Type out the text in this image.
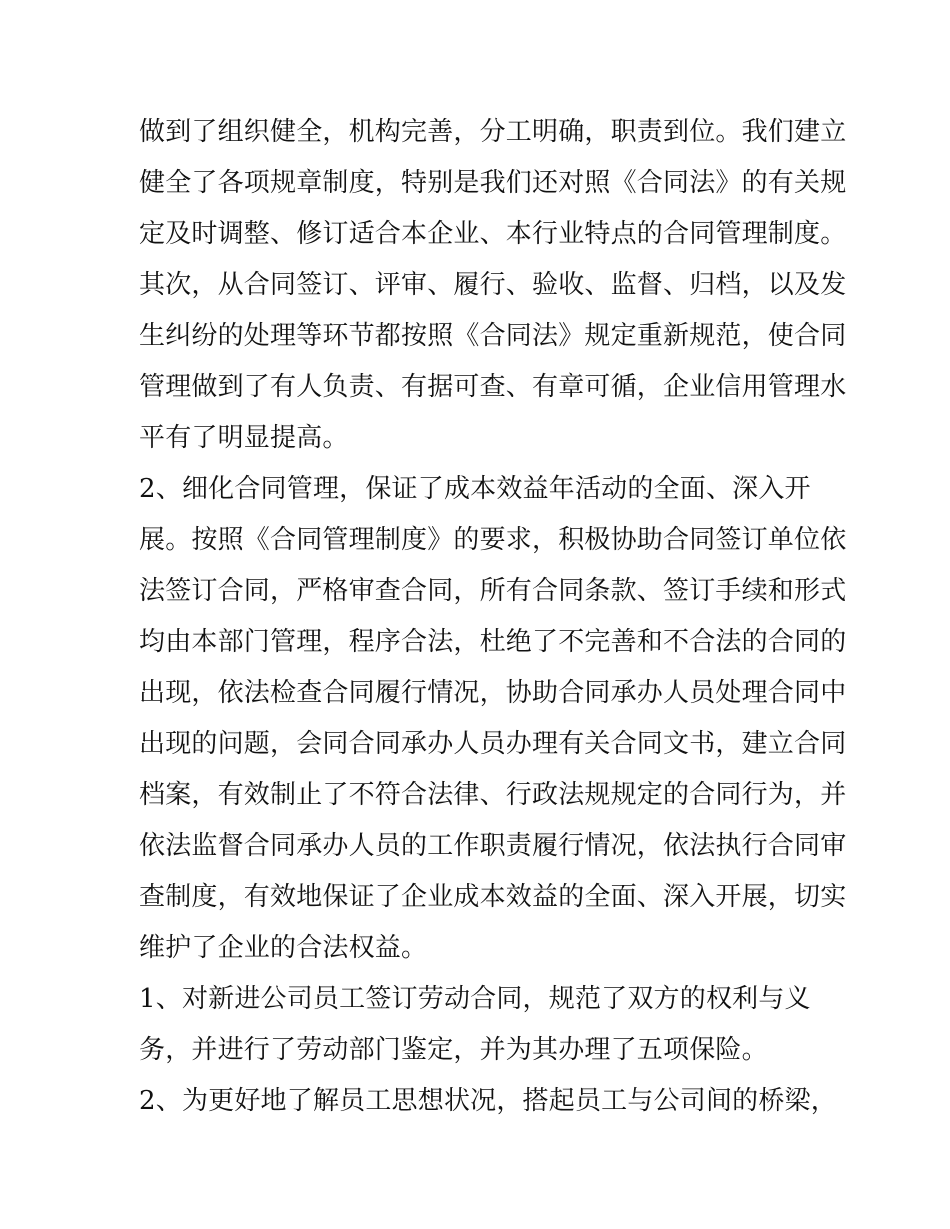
做到了组织健全，机构完善，分工明确，职责到位。我们建立
健全了各项规章制度，特别是我们还对照《合同法》的有关规
定及时调整、修订适合本企业、本行业特点的合同管理制度。
其次，从合同签订、评审、履行、验收、监督、归档，以及发
生纠纷的处理等环节都按照《合同法》规定重新规范，使合同
管理做到了有人负责、有据可查、有章可循，企业信用管理水
平有了明显提高。
2、细化合同管理，保证了成本效益年活动的全面、深入开
展。按照《合同管理制度》的要求，积极协助合同签订单位依
法签订合同，严格审查合同，所有合同条款、签订手续和形式
均由本部门管理，程序合法，杜绝了不完善和不合法的合同的
出现，依法检查合同履行情况，协助合同承办人员处理合同中
出现的问题，会同合同承办人员办理有关合同文书，建立合同
档案，有效制止了不符合法律、行政法规规定的合同行为，并
依法监督合同承办人员的工作职责履行情况，依法执行合同审
查制度，有效地保证了企业成本效益的全面、深入开展，切实
维护了企业的合法权益。
1、对新进公司员工签订劳动合同，规范了双方的权利与义
务，并进行了劳动部门鉴定，并为其办理了五项保险。
2、为更好地了解员工思想状况，搭起员工与公司间的桥梁，
